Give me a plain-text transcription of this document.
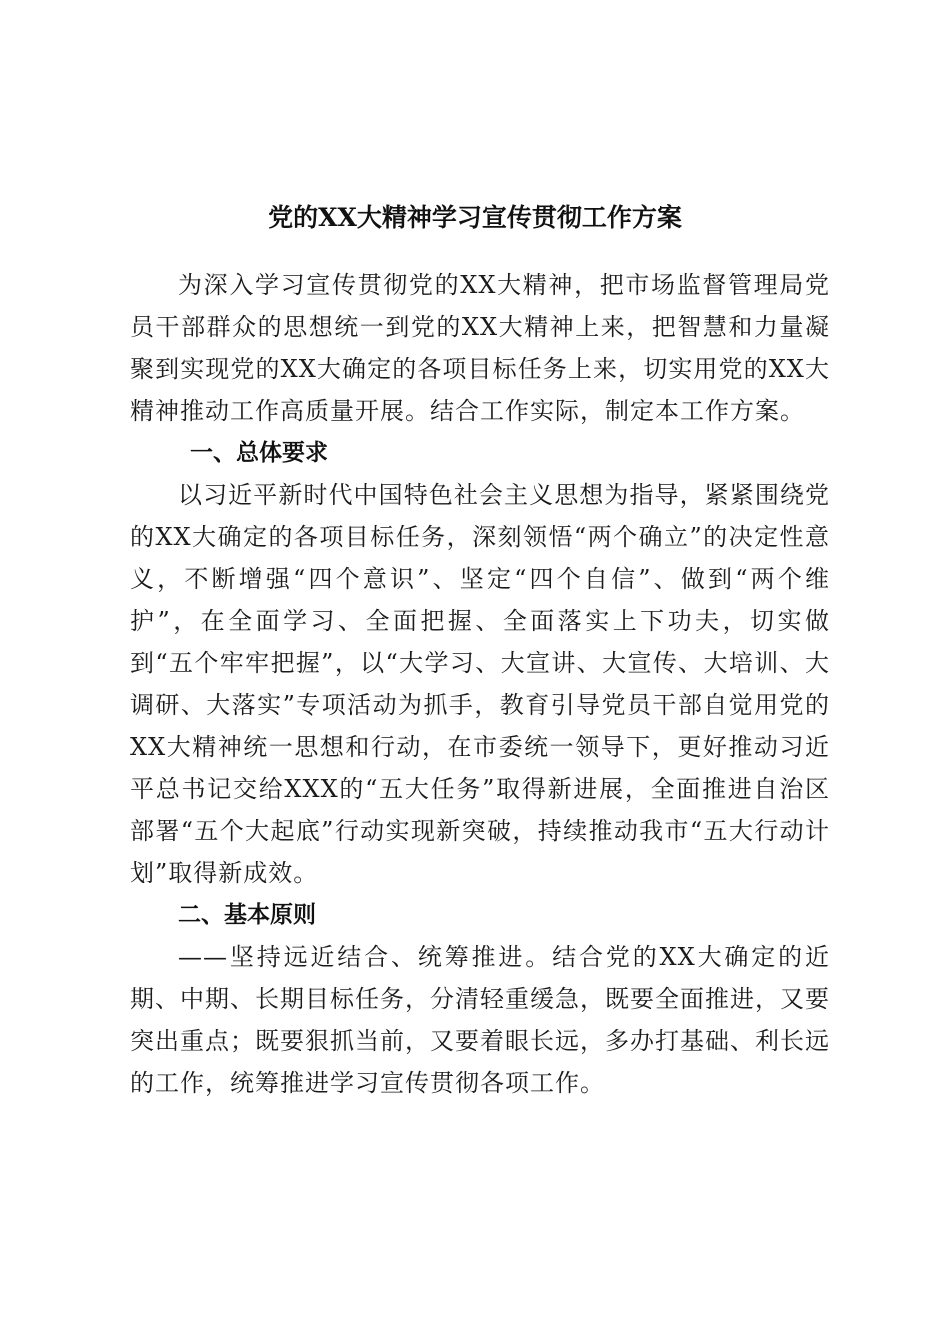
党的XX大精神学习宣传贯彻工作方案

为深入学习宣传贯彻党的XX大精神，把市场监督管理局党员干部群众的思想统一到党的XX大精神上来，把智慧和力量凝聚到实现党的XX大确定的各项目标任务上来，切实用党的XX大精神推动工作高质量开展。结合工作实际，制定本工作方案。

一、总体要求

以习近平新时代中国特色社会主义思想为指导，紧紧围绕党的XX大确定的各项目标任务，深刻领悟“两个确立”的决定性意义，不断增强“四个意识”、坚定“四个自信”、做到“两个维护”，在全面学习、全面把握、全面落实上下功夫，切实做到“五个牢牢把握”，以“大学习、大宣讲、大宣传、大培训、大调研、大落实”专项活动为抓手，教育引导党员干部自觉用党的XX大精神统一思想和行动，在市委统一领导下，更好推动习近平总书记交给XXX的“五大任务”取得新进展，全面推进自治区部署“五个大起底”行动实现新突破，持续推动我市“五大行动计划”取得新成效。

二、基本原则

——坚持远近结合、统筹推进。结合党的XX大确定的近期、中期、长期目标任务，分清轻重缓急，既要全面推进，又要突出重点；既要狠抓当前，又要着眼长远，多办打基础、利长远的工作，统筹推进学习宣传贯彻各项工作。
